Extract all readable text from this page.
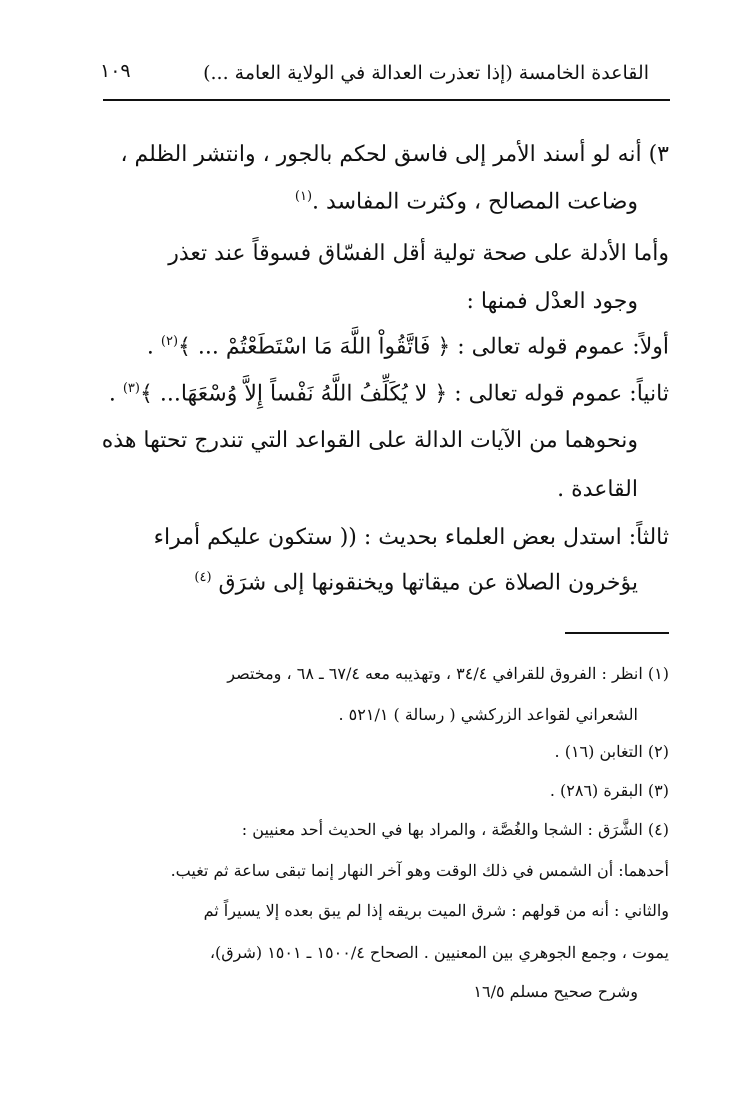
القاعدة الخامسة (إذا تعذرت العدالة في الولاية العامة ...)
١٠٩
٣) أنه لو أسند الأمر إلى فاسق لحكم بالجور ، وانتشر الظلم ،
وضاعت المصالح ، وكثرت المفاسد .$^{(١)}$
وأما الأدلة على صحة تولية أقل الفسّاق فسوقاً عند تعذر
وجود العدْل فمنها :
أولاً: عموم قوله تعالى : ﴿ فَاتَّقُواْ اللَّهَ مَا اسْتَطَعْتُمْ ... ﴾$^{(٢)}$ .
ثانياً: عموم قوله تعالى : ﴿ لا يُكَلِّفُ اللَّهُ نَفْساً إِلاَّ وُسْعَهَا... ﴾$^{(٣)}$ .
ونحوهما من الآيات الدالة على القواعد التي تندرج تحتها هذه
القاعدة .
ثالثاً: استدل بعض العلماء بحديث : (( ستكون عليكم أمراء
يؤخرون الصلاة عن ميقاتها ويخنقونها إلى شرَق $^{(٤)}$
(١) انظر : الفروق للقرافي ٣٤/٤ ، وتهذيبه معه ٦٧/٤ ـ ٦٨ ، ومختصر
الشعراني لقواعد الزركشي ( رسالة ) ٥٢١/١ .
(٢) التغابن (١٦) .
(٣) البقرة (٢٨٦) .
(٤) الشَّرَق : الشجا والغُصَّة ، والمراد بها في الحديث أحد معنيين :
أحدهما: أن الشمس في ذلك الوقت وهو آخر النهار إنما تبقى ساعة ثم تغيب.
والثاني : أنه من قولهم : شرق الميت بريقه إذا لم يبق بعده إلا يسيراً ثم
يموت ، وجمع الجوهري بين المعنيين . الصحاح ١٥٠٠/٤ ـ ١٥٠١ (شرق)،
وشرح صحيح مسلم ١٦/٥
